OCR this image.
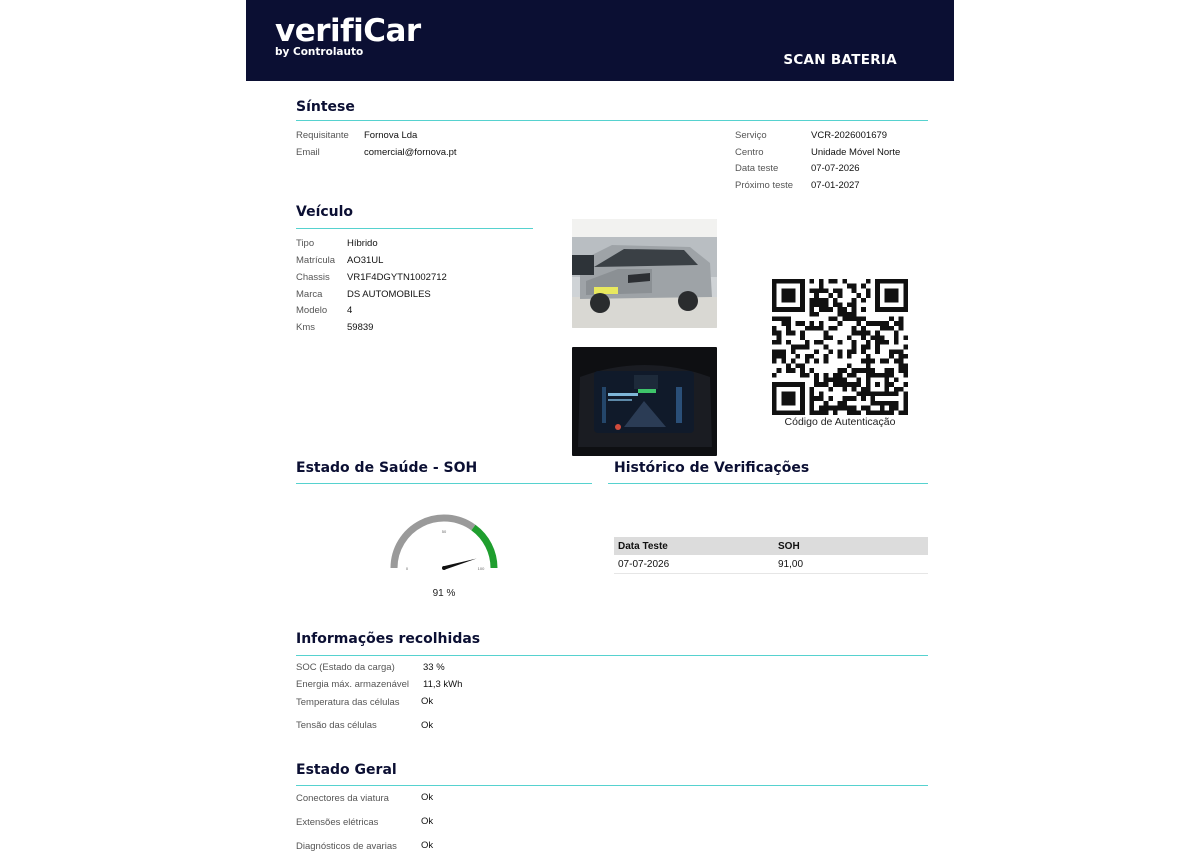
verifiCar
by Controlauto	SCAN BATERIA
Síntese
Requisitante Fornova Lda
Email	comercial@fornova.pt
Serviço	VCR-2026001679
Centro	Unidade Móvel Norte
Data teste	07-07-2026
Próximo teste 07-01-2027
Veículo
Tipo	Híbrido
Matrícula AO31UL
Chassis VR1F4DGYTN1002712
Marca	DS AUTOMOBILES
Modelo 4
Kms	59839
Código de Autenticação
Estado de Saúde - SOH
0
50
100
91 %
Histórico de Verificações
Data Teste	SOH
07-07-2026	91,00
Informações recolhidas
SOC (Estado da carga)	33 %
Energia máx. armazenável 11,3 kWh
Temperatura das células Ok
Tensão das células	Ok
Estado Geral
Conectores da viatura	Ok
Extensões elétricas	Ok
Diagnósticos de avarias	Ok
